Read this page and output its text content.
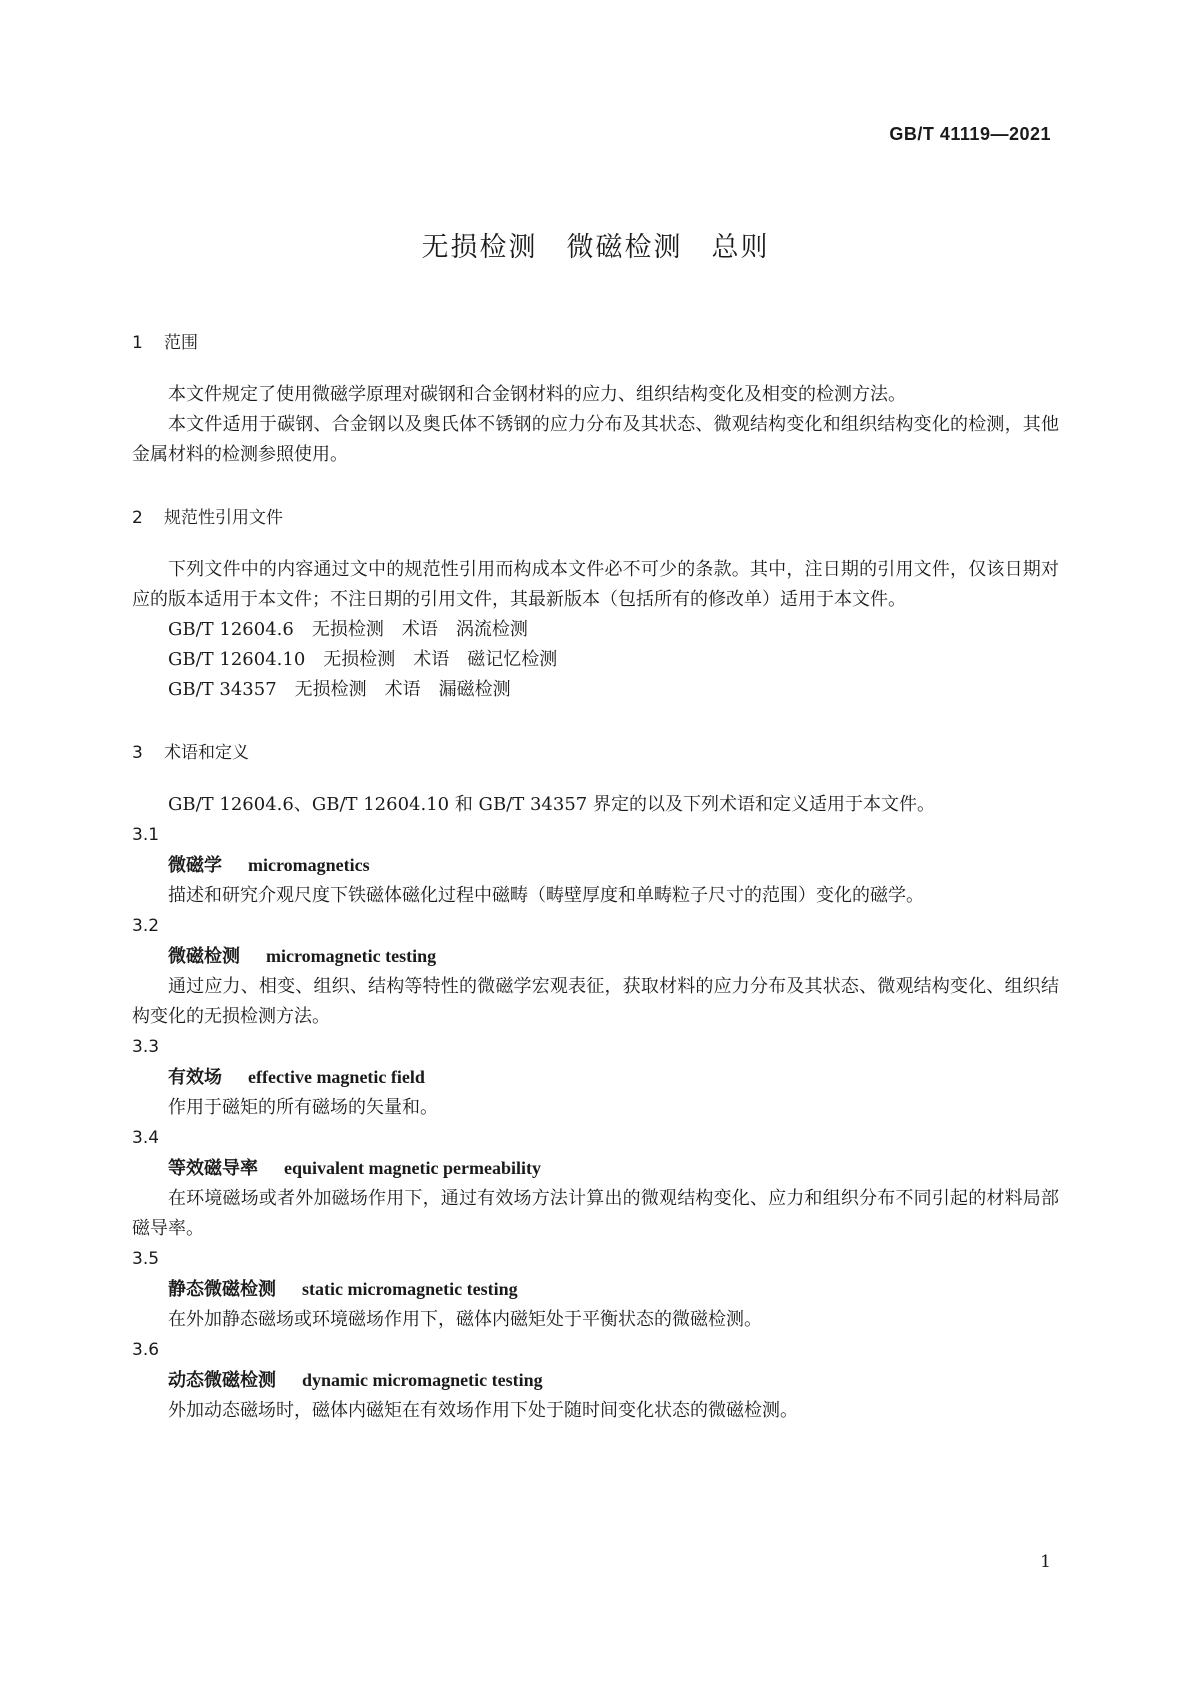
GB/T 41119—2021
无损检测　微磁检测　总则
1 范围

本文件规定了使用微磁学原理对碳钢和合金钢材料的应力、组织结构变化及相变的检测方法。

本文件适用于碳钢、合金钢以及奥氏体不锈钢的应力分布及其状态、微观结构变化和组织结构变化的检测，其他金属材料的检测参照使用。

2 规范性引用文件

下列文件中的内容通过文中的规范性引用而构成本文件必不可少的条款。其中，注日期的引用文件，仅该日期对应的版本适用于本文件；不注日期的引用文件，其最新版本（包括所有的修改单）适用于本文件。

GB/T 12604.6　无损检测　术语　涡流检测

GB/T 12604.10　无损检测　术语　磁记忆检测

GB/T 34357　无损检测　术语　漏磁检测

3 术语和定义

GB/T 12604.6、GB/T 12604.10 和 GB/T 34357 界定的以及下列术语和定义适用于本文件。

3.1
微磁学 micromagnetics

描述和研究介观尺度下铁磁体磁化过程中磁畴（畴壁厚度和单畴粒子尺寸的范围）变化的磁学。

3.2
微磁检测 micromagnetic testing

通过应力、相变、组织、结构等特性的微磁学宏观表征，获取材料的应力分布及其状态、微观结构变化、组织结构变化的无损检测方法。

3.3
有效场 effective magnetic field

作用于磁矩的所有磁场的矢量和。

3.4
等效磁导率 equivalent magnetic permeability

在环境磁场或者外加磁场作用下，通过有效场方法计算出的微观结构变化、应力和组织分布不同引起的材料局部磁导率。

3.5
静态微磁检测 static micromagnetic testing

在外加静态磁场或环境磁场作用下，磁体内磁矩处于平衡状态的微磁检测。

3.6
动态微磁检测 dynamic micromagnetic testing

外加动态磁场时，磁体内磁矩在有效场作用下处于随时间变化状态的微磁检测。

1
